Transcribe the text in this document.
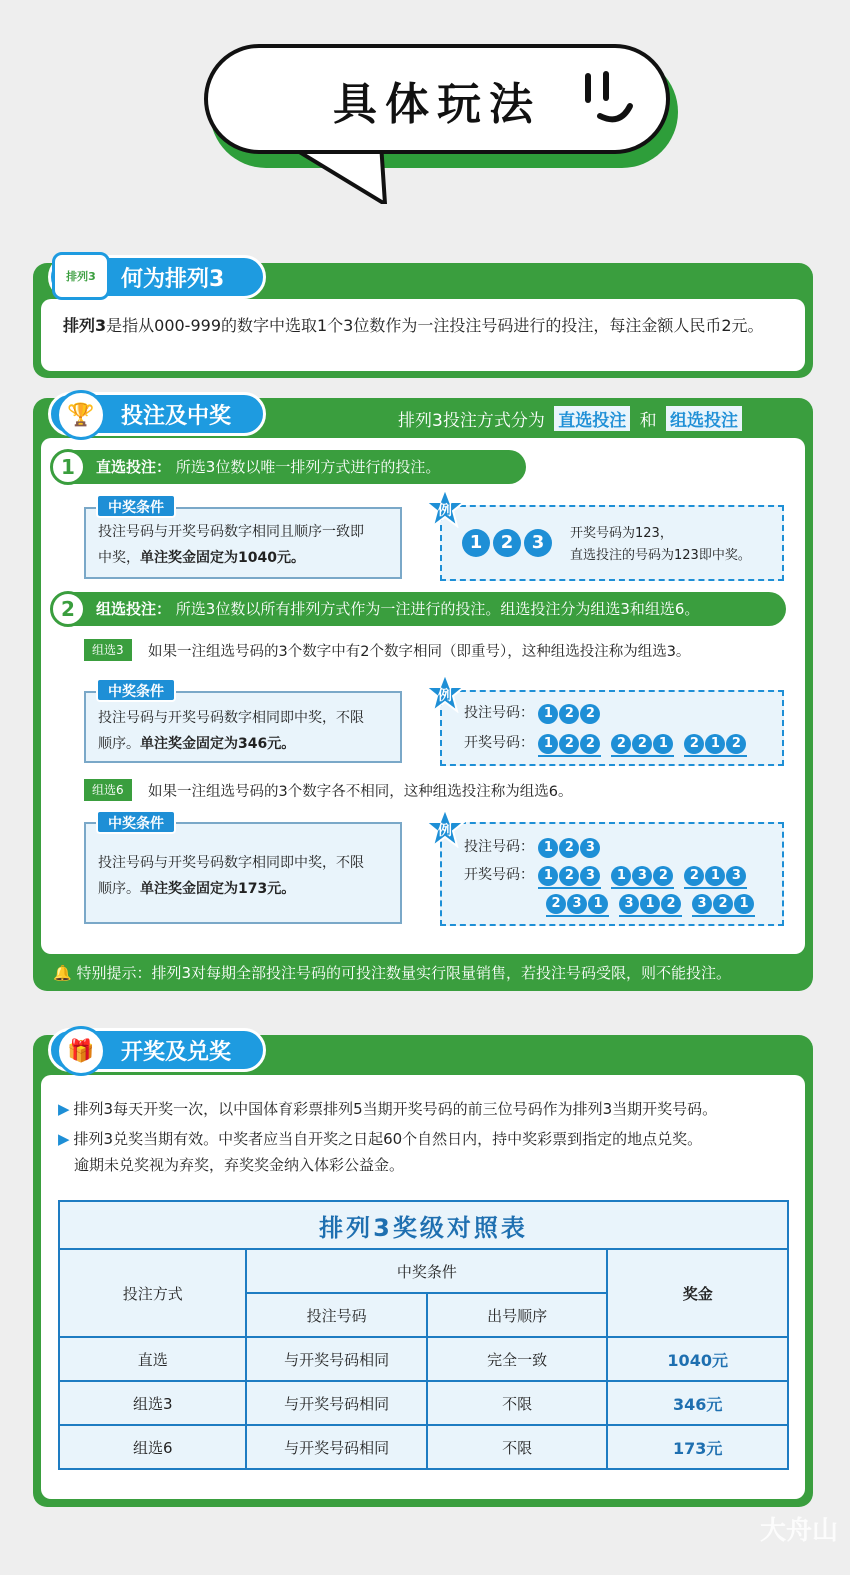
具体玩法
排列3是指从000-999的数字中选取1个3位数作为一注投注号码进行的投注，每注金额人民币2元。
何为排列3
排列3
🔔 特别提示：排列3对每期全部投注号码的可投注数量实行限量销售，若投注号码受限，则不能投注。
投注及中奖
🏆	排列3投注方式分为 直选投注 和 组选投注
直选投注： 所选3位数以唯一排列方式进行的投注。
1
投注号码与开奖号码数字相同且顺序一致即
中奖，单注奖金固定为1040元。
中奖条件
1 2 3	开奖号码为123，
直选投注的号码为123即中奖。
例
组选投注： 所选3位数以所有排列方式作为一注进行的投注。组选投注分为组选3和组选6。
2
组选3	如果一注组选号码的3个数字中有2个数字相同（即重号），这种组选投注称为组选3。
投注号码与开奖号码数字相同即中奖，不限
顺序。单注奖金固定为346元。
中奖条件
投注号码： 1 2 2
开奖号码： 1 2 2 2 2 1 2 1 2
例
组选6	如果一注组选号码的3个数字各不相同，这种组选投注称为组选6。
投注号码与开奖号码数字相同即中奖，不限
顺序。单注奖金固定为173元。
中奖条件
投注号码： 1 2 3
开奖号码： 1 2 3 1 3 2 2 1 3
2 3 1 3 1 2 3 2 1
例
开奖及兑奖
🎁
▶ 排列3每天开奖一次，以中国体育彩票排列5当期开奖号码的前三位号码作为排列3当期开奖号码。
▶ 排列3兑奖当期有效。中奖者应当自开奖之日起60个自然日内，持中奖彩票到指定的地点兑奖。
逾期未兑奖视为弃奖，弃奖奖金纳入体彩公益金。
排列3奖级对照表			
投注方式	中奖条件		奖金
	投注号码	出号顺序	
直选	与开奖号码相同	完全一致	1040元
组选3	与开奖号码相同	不限	346元
组选6	与开奖号码相同	不限	173元
大舟山
